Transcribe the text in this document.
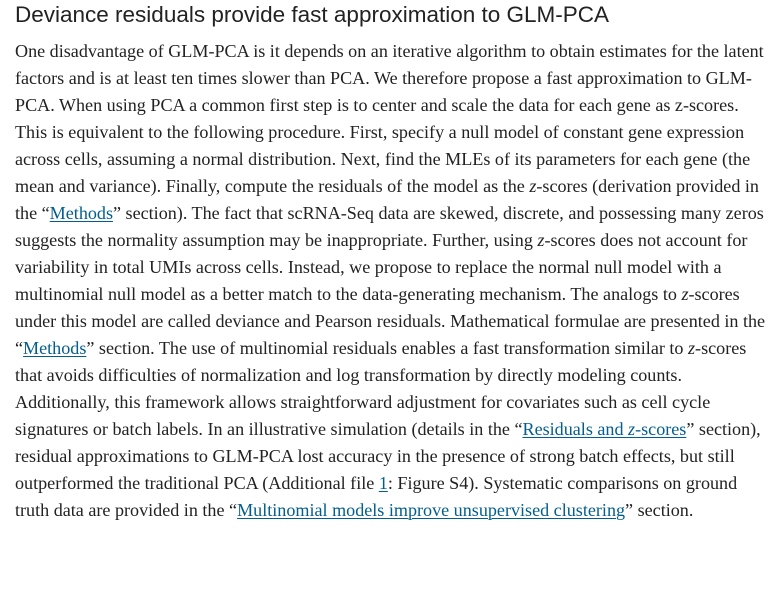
Deviance residuals provide fast approximation to GLM-PCA

One disadvantage of GLM-PCA is it depends on an iterative algorithm to obtain estimates for the latent factors and is at least ten times slower than PCA. We therefore propose a fast approximation to GLM-PCA. When using PCA a common first step is to center and scale the data for each gene as z-scores. This is equivalent to the following procedure. First, specify a null model of constant gene expression across cells, assuming a normal distribution. Next, find the MLEs of its parameters for each gene (the mean and variance). Finally, compute the residuals of the model as the z-scores (derivation provided in the “Methods” section). The fact that scRNA-Seq data are skewed, discrete, and possessing many zeros suggests the normality assumption may be inappropriate. Further, using z-scores does not account for variability in total UMIs across cells. Instead, we propose to replace the normal null model with a multinomial null model as a better match to the data-generating mechanism. The analogs to z-scores under this model are called deviance and Pearson residuals. Mathematical formulae are presented in the “Methods” section. The use of multinomial residuals enables a fast transformation similar to z-scores that avoids difficulties of normalization and log transformation by directly modeling counts. Additionally, this framework allows straightforward adjustment for covariates such as cell cycle signatures or batch labels. In an illustrative simulation (details in the “Residuals and z-scores” section), residual approximations to GLM-PCA lost accuracy in the presence of strong batch effects, but still outperformed the traditional PCA (Additional file 1: Figure S4). Systematic comparisons on ground truth data are provided in the “Multinomial models improve unsupervised clustering” section.
